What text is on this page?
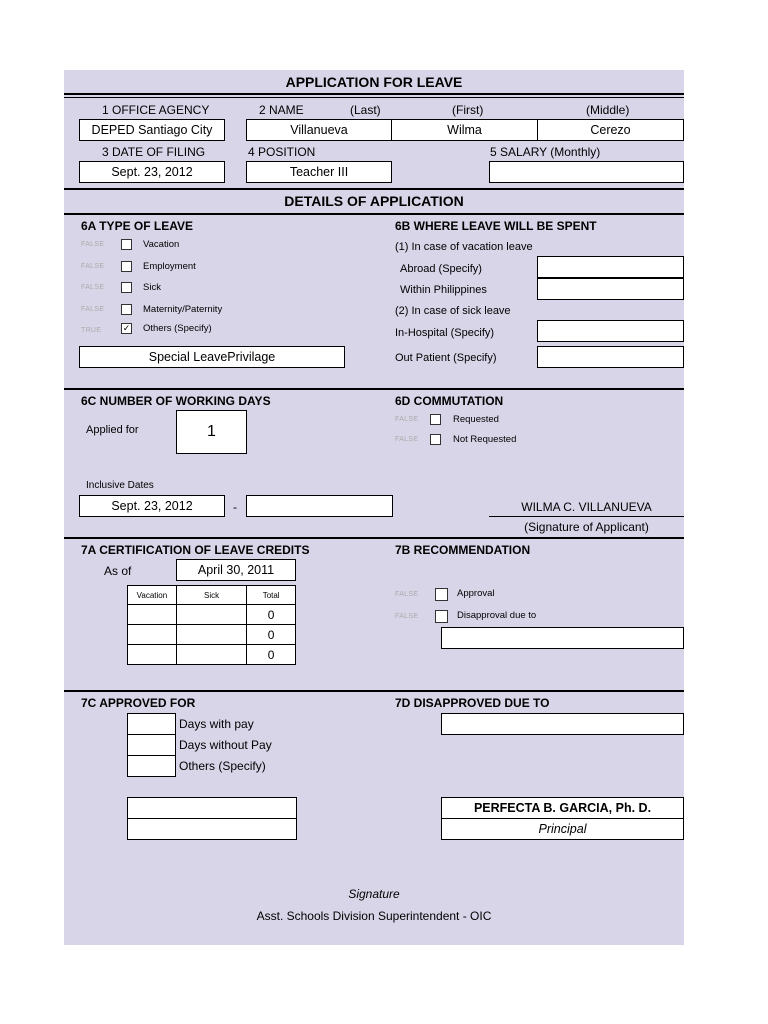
APPLICATION FOR LEAVE
1 OFFICE AGENCY	2 NAME	(Last)	(First)	(Middle)
DEPED Santiago City	Villanueva	Wilma	Cerezo
3 DATE OF FILING	4 POSITION	5 SALARY (Monthly)
Sept. 23, 2012	Teacher III
DETAILS OF APPLICATION
6A TYPE OF LEAVE
FALSE	Vacation
FALSE	Employment
FALSE	Sick
FALSE	Maternity/Paternity
TRUE ✓ Others (Specify)
Special LeavePrivilage
6B WHERE LEAVE WILL BE SPENT
(1) In case of vacation leave
Abroad (Specify)
Within Philippines
(2) In case of sick leave
In-Hospital (Specify)
Out Patient (Specify)
6C NUMBER OF WORKING DAYS
Applied for	1
Inclusive Dates
Sept. 23, 2012	-
6D COMMUTATION
FALSE	Requested
FALSE	Not Requested
WILMA C. VILLANUEVA
(Signature of Applicant)
7A CERTIFICATION OF LEAVE CREDITS
As of	April 30, 2011
Vacation	Sick	Total
		0
		0
		0
7B RECOMMENDATION
FALSE	Approval
FALSE	Disapproval due to
7C APPROVED FOR
Days with pay
Days without Pay
Others (Specify)
7D DISAPPROVED DUE TO
PERFECTA B. GARCIA, Ph. D.
Principal
Signature
Asst. Schools Division Superintendent - OIC
